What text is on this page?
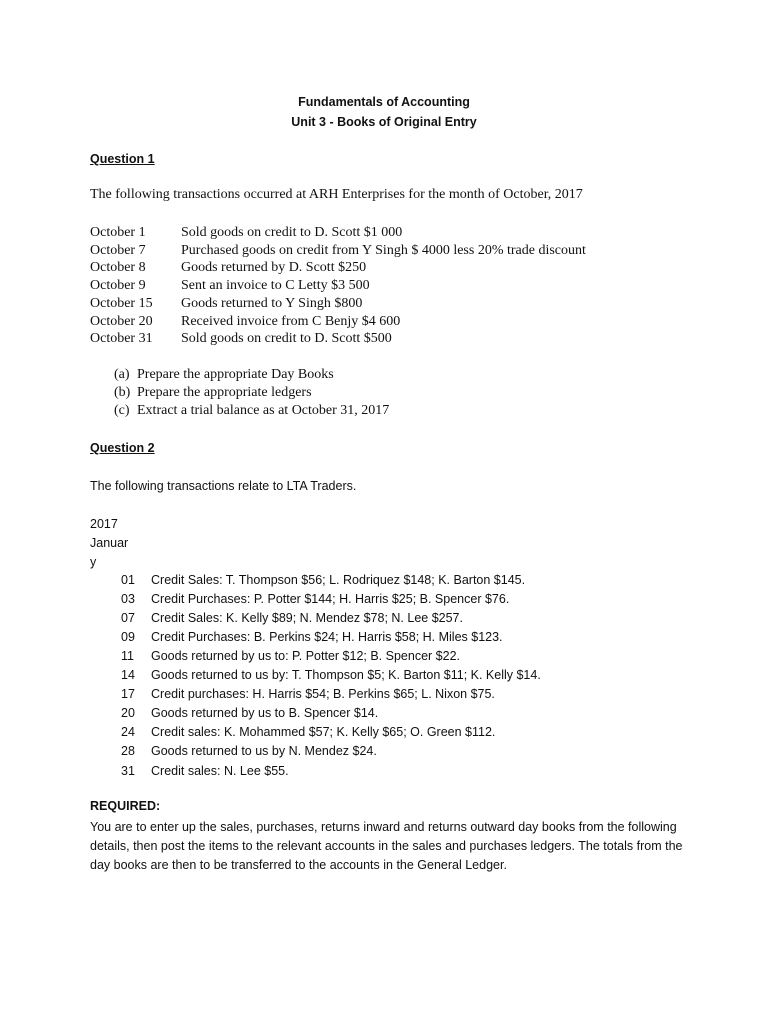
Fundamentals of Accounting
Unit 3 - Books of Original Entry
Question 1
The following transactions occurred at ARH Enterprises for the month of October, 2017
October 1	Sold goods on credit to D. Scott $1 000
October 7	Purchased goods on credit from Y Singh $ 4000 less 20% trade discount
October 8	Goods returned by D. Scott $250
October 9	Sent an invoice to C Letty $3 500
October 15 Goods returned to Y Singh $800
October 20 Received invoice from C Benjy $4 600
October 31 Sold goods on credit to D. Scott $500
(a) Prepare the appropriate Day Books
(b) Prepare the appropriate ledgers
(c) Extract a trial balance as at October 31, 2017
Question 2
The following transactions relate to LTA Traders.
2017
Januar
y
01 Credit Sales: T. Thompson $56; L. Rodriquez $148; K. Barton $145.
03 Credit Purchases: P. Potter $144; H. Harris $25; B. Spencer $76.
07 Credit Sales: K. Kelly $89; N. Mendez $78; N. Lee $257.
09 Credit Purchases: B. Perkins $24; H. Harris $58; H. Miles $123.
11 Goods returned by us to: P. Potter $12; B. Spencer $22.
14 Goods returned to us by: T. Thompson $5; K. Barton $11; K. Kelly $14.
17 Credit purchases: H. Harris $54; B. Perkins $65; L. Nixon $75.
20 Goods returned by us to B. Spencer $14.
24 Credit sales: K. Mohammed $57; K. Kelly $65; O. Green $112.
28 Goods returned to us by N. Mendez $24.
31 Credit sales: N. Lee $55.
REQUIRED:
You are to enter up the sales, purchases, returns inward and returns outward day books from the following details, then post the items to the relevant accounts in the sales and purchases ledgers. The totals from the day books are then to be transferred to the accounts in the General Ledger.
